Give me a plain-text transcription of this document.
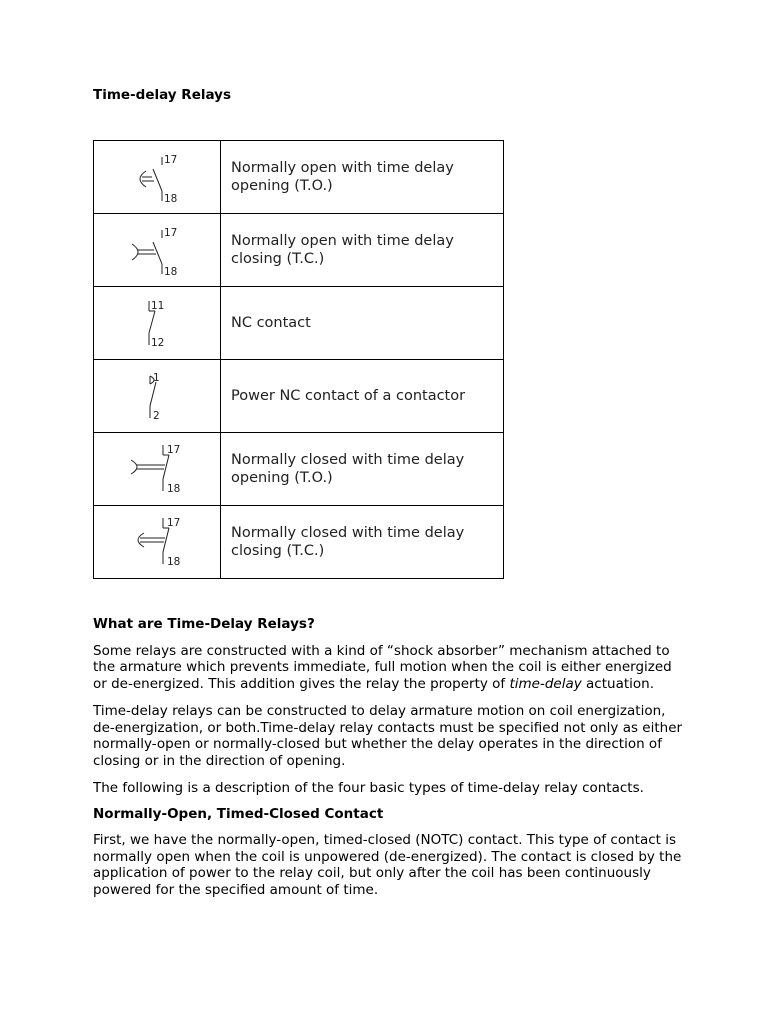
Time-delay Relays
17
18	Normally open with time delay opening (T.O.)

17
18	Normally open with time delay closing (T.C.)

11
12	NC contact

1
2	Power NC contact of a contactor

17
18	Normally closed with time delay opening (T.O.)

17
18	Normally closed with time delay closing (T.C.)
What are Time-Delay Relays?

Some relays are constructed with a kind of “shock absorber” mechanism attached to the armature which prevents immediate, full motion when the coil is either energized or de-energized. This addition gives the relay the property of time-delay actuation.

Time-delay relays can be constructed to delay armature motion on coil energization, de-energization, or both.Time-delay relay contacts must be specified not only as either normally-open or normally-closed but whether the delay operates in the direction of closing or in the direction of opening.

The following is a description of the four basic types of time-delay relay contacts.

Normally-Open, Timed-Closed Contact

First, we have the normally-open, timed-closed (NOTC) contact. This type of contact is normally open when the coil is unpowered (de-energized). The contact is closed by the application of power to the relay coil, but only after the coil has been continuously powered for the specified amount of time.
